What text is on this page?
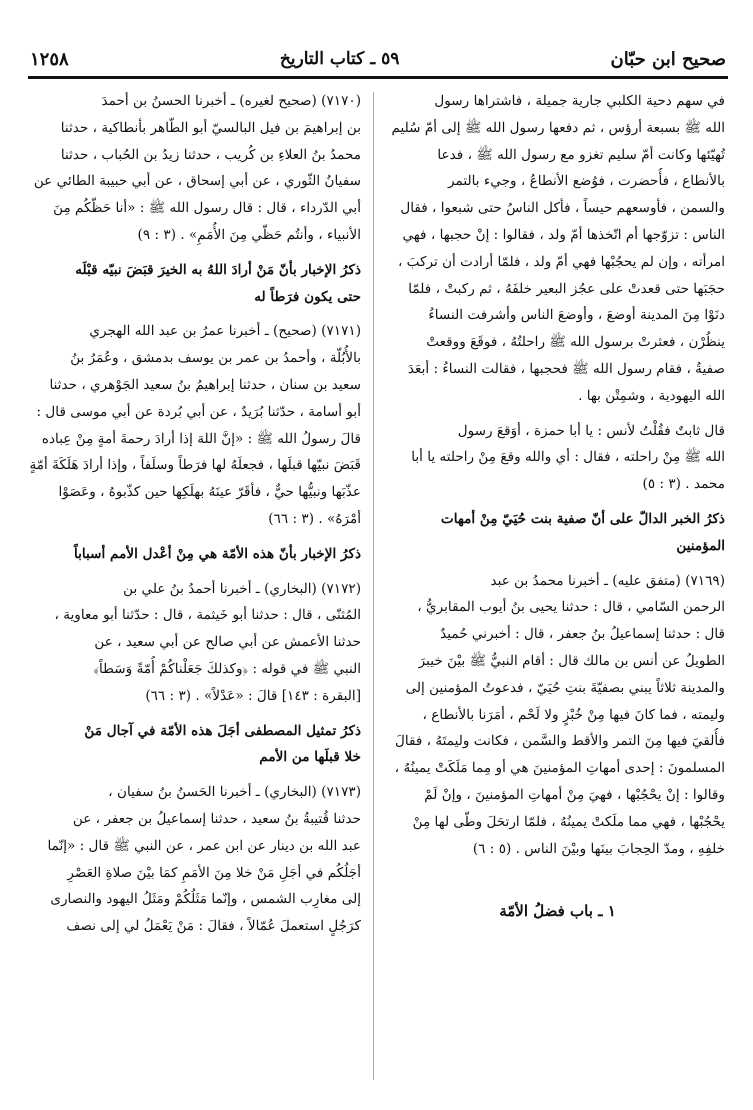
صحيح ابن حبّان
٥٩ ـ كتاب التاريخ
١٢٥٨
في سهم دحية الكلبي جارية جميلة ، فاشتراها رسول
الله ﷺ بسبعة أرؤس ، ثم دفعها رسول الله ﷺ إلى أمّ سُليم
تُهيّئها وكانت أمّ سليم تغزو مع رسول الله ﷺ ، فدعا
بالأنطاع ، فأُحضرت ، فوُضع الأنطاعُ ، وجيء بالتمر
والسمن ، فأوسعهم حيساً ، فأكل الناسُ حتى شبعوا ، فقال
الناس : تزوّجها أم اتّخذها أمّ ولد ، فقالوا : إنْ حجبها ، فهي
امرأته ، وإن لم يحجُبْها فهي أمّ ولد ، فلمّا أرادت أن تركبَ ،
حجَبَها حتى قعدتْ على عجُز البعير خلفَهُ ، ثم ركبتْ ، فلمّا
دنَوْا مِنَ المدينة أوضعَ ، وأوضعَ الناس وأشرفت النساءُ
ينظُرْن ، فعثرتْ برسول الله ﷺ راحلتُهُ ، فوقَعَ ووقعتْ
صفيةُ ، فقام رسول الله ﷺ فحجبها ، فقالت النساءُ : أبعَدَ
الله اليهودية ، وشمِتْن بها .
قال ثابتٌ فقُلْتُ لأنس : يا أبا حمزة ، أوَقعَ رسول
الله ﷺ مِنْ راحلته ، فقال : أي والله وقعَ مِنْ راحلته يا أبا
محمد . (٣ : ٥)
ذكرُ الخبر الدالّ على أنّ صفية بنت حُيَيّ مِنْ أمهات
المؤمنين
(٧١٦٩) (متفق عليه) ـ أخبرنا محمدُ بن عبد
الرحمن السّامي ، قال : حدثنا يحيى بنُ أيوب المقابريُّ ،
قال : حدثنا إسماعيلُ بنُ جعفر ، قال : أخبرني حُميدٌ
الطويلُ عن أنس بن مالك قال : أقام النبيُّ ﷺ بيْنَ خيبرَ
والمدينة ثلاثاً يبني بصفيّةَ بنتِ حُيَيّ ، فدعوتُ المؤمنين إلى
وليمته ، فما كانَ فيها مِنْ خُبْزٍ ولا لَحْم ، أمَرَنا بالأنطاع ،
فأُلقيَ فيها مِنَ التمر والأقط والسَّمن ، فكانت وليمتَهُ ، فقالَ
المسلمونَ : إحدى أمهاتِ المؤمنينَ هي أو مِما مَلَكَتْ يمينُهُ ،
وقالوا : إنْ يحْجُبْها ، فهيَ مِنْ أمهاتِ المؤمنينَ ، وإنْ لَمْ
يحْجُبْها ، فهي مما ملَكتْ يمينُهُ ، فلمّا ارتحَلَ وطّى لها مِنْ
خلفِهِ ، ومدّ الحِجابَ بينَها وبيْنَ الناس . (٥ : ٦)
١ ـ باب فضلُ الأمّة
(٧١٧٠) (صحيح لغيره) ـ أخبرنا الحسنُ بن أحمدَ
بن إبراهيمَ بن فيل البالسيّ أبو الطّاهر بأنطاكية ، حدثنا
محمدُ بنُ العلاءِ بن كُريب ، حدثنا زيدُ بن الحُباب ، حدثنا
سفيانُ الثّوري ، عن أبي إسحاق ، عن أبي حبيبة الطائي عن
أبي الدّرداء ، قال : قال رسول الله ﷺ : «أنا حَظّكُم مِنَ
الأنبياء ، وأنتُم حَظّي مِنَ الأُمَمِ» . (٣ : ٩)
ذكرُ الإخبار بأنّ مَنْ أرادَ اللهُ به الخيرَ قبَضَ نبيّه قبْلَه
حتى يكون فرَطاً له
(٧١٧١) (صحيح) ـ أخبرنا عمرُ بن عبد الله الهجري
بالأُبُلّة ، وأحمدُ بن عمر بن يوسف بدمشق ، وعُمَرُ بنُ
سعيد بن سنان ، حدثنا إبراهيمُ بنُ سعيد الجَوْهري ، حدثنا
أبو أسامة ، حدّثنا بُرَيدٌ ، عن أبي بُردة عن أبي موسى قال :
قالَ رسولُ الله ﷺ : «إنَّ اللهَ إذا أرادَ رحمةَ أمةٍ مِنْ عِباده
قَبَضَ نبيّها قبلَها ، فجعلَهُ لها فرَطاً وسلَفاً ، وإذا أرادَ هَلَكَةَ أمّةٍ
عذّبَها ونبيُّها حيٌّ ، فأقَرّ عينَهُ بهلَكِها حين كذّبوهُ ، وعَصَوْا
أمْرَهُ» . (٣ : ٦٦)
ذكرُ الإخبار بأنّ هذه الأمّة هي مِنْ أعْدل الأمم أسباباً
(٧١٧٢) (البخاري) ـ أخبرنا أحمدُ بنُ علي بن
المُثنّى ، قال : حدثنا أبو خَيثمة ، قال : حدّثنا أبو معاوية ،
حدثنا الأعمش عن أبي صالح عن أبي سعيد ، عن
النبي ﷺ في قوله : ﴿وكذلكَ جَعَلْناكُمْ أُمّةً وَسَطاً﴾
[البقرة : ١٤٣] قالَ : «عَدْلاً» . (٣ : ٦٦)
ذكرُ تمثيل المصطفى أجَلَ هذه الأمّة في آجال مَنْ
خلا قبلَها من الأمم
(٧١٧٣) (البخاري) ـ أخبرنا الحَسنُ بنُ سفيان ،
حدثنا قُتيبةُ بنُ سعيد ، حدثنا إسماعيلُ بن جعفر ، عن
عبد الله بن دينار عن ابن عمر ، عن النبي ﷺ قال : «إنّما
أجَلُكُم في أجَلِ مَنْ خلا مِنَ الأمَمِ كمَا بيْنَ صلاةِ العَصْرِ
إلى مغارِب الشمس ، وإنّما مَثَلُكُمْ ومَثَلُ اليهود والنصارى
كرَجُلٍ استعملَ عُمّالاً ، فقالَ : مَنْ يَعْمَلُ لي إلى نصف
